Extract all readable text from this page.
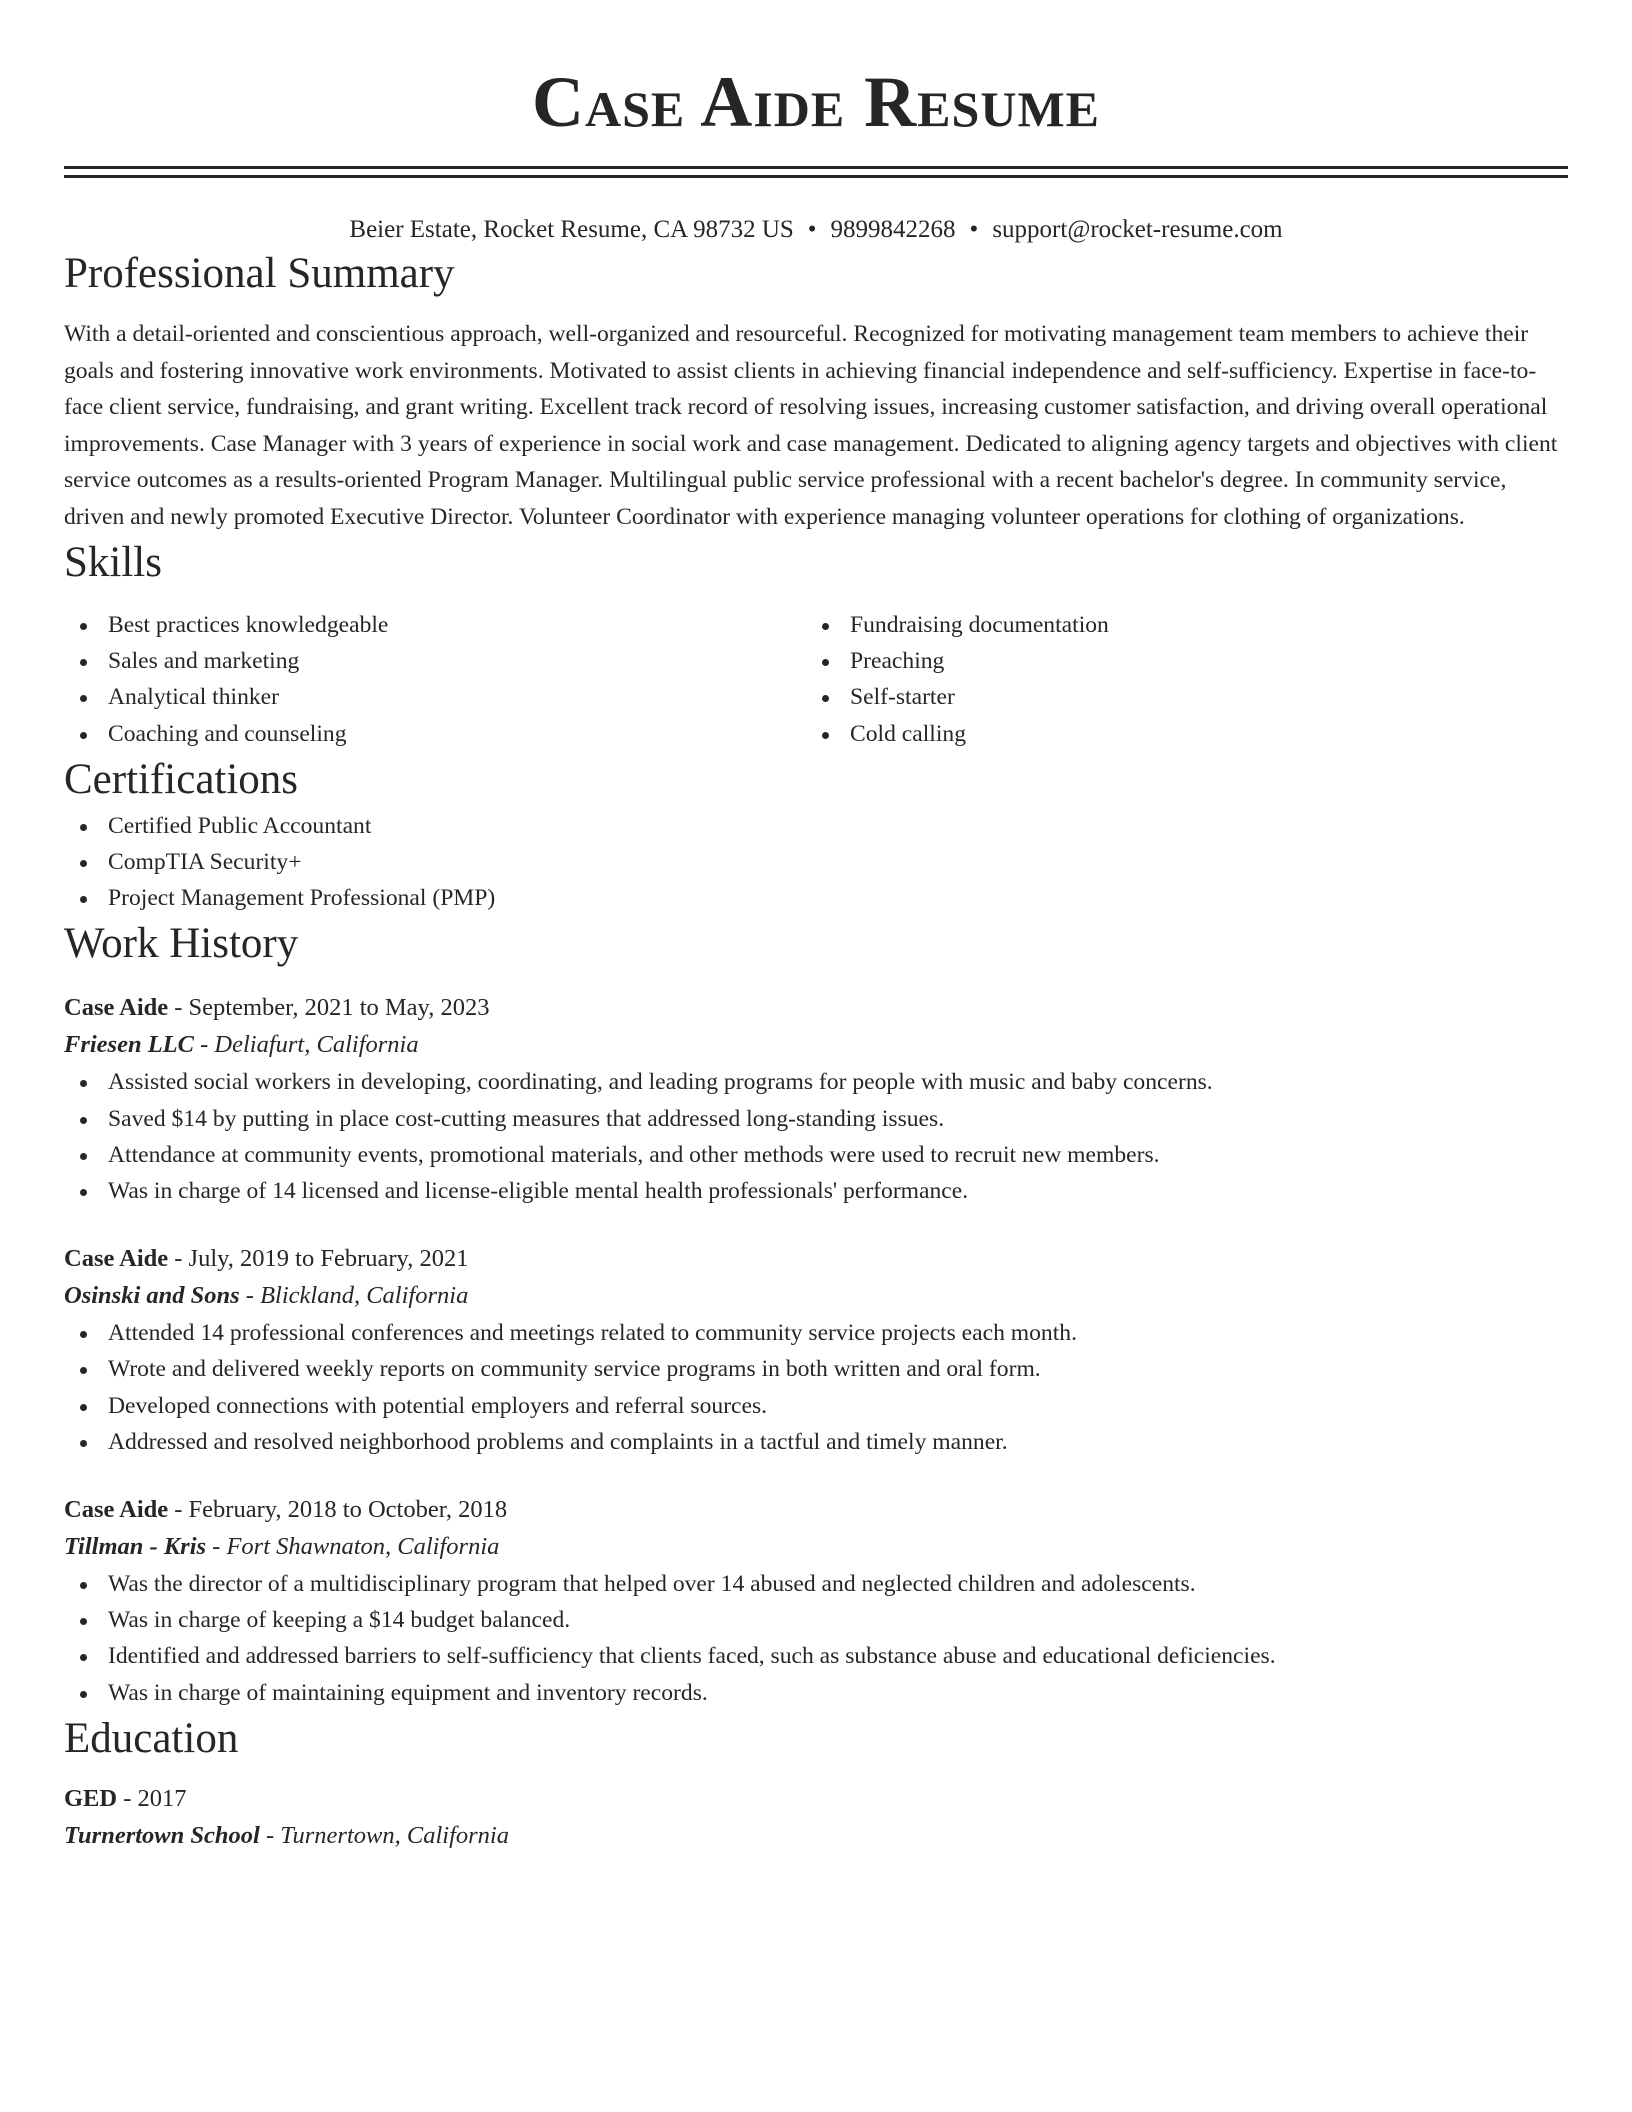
Case Aide Resume
Beier Estate, Rocket Resume, CA 98732 US • 9899842268 • support@rocket-resume.com
Professional Summary

With a detail-oriented and conscientious approach, well-organized and resourceful. Recognized for motivating management team members to achieve their goals and fostering innovative work environments. Motivated to assist clients in achieving financial independence and self-sufficiency. Expertise in face-to-face client service, fundraising, and grant writing. Excellent track record of resolving issues, increasing customer satisfaction, and driving overall operational improvements. Case Manager with 3 years of experience in social work and case management. Dedicated to aligning agency targets and objectives with client service outcomes as a results-oriented Program Manager. Multilingual public service professional with a recent bachelor's degree. In community service, driven and newly promoted Executive Director. Volunteer Coordinator with experience managing volunteer operations for clothing of organizations.

Skills
Best practices knowledgeable
Sales and marketing
Analytical thinker
Coaching and counseling
Fundraising documentation
Preaching
Self-starter
Cold calling
Certifications
Certified Public Accountant
CompTIA Security+
Project Management Professional (PMP)
Work History
Case Aide - September, 2021 to May, 2023
Friesen LLC - Deliafurt, California
Assisted social workers in developing, coordinating, and leading programs for people with music and baby concerns.
Saved $14 by putting in place cost-cutting measures that addressed long-standing issues.
Attendance at community events, promotional materials, and other methods were used to recruit new members.
Was in charge of 14 licensed and license-eligible mental health professionals' performance.
Case Aide - July, 2019 to February, 2021
Osinski and Sons - Blickland, California
Attended 14 professional conferences and meetings related to community service projects each month.
Wrote and delivered weekly reports on community service programs in both written and oral form.
Developed connections with potential employers and referral sources.
Addressed and resolved neighborhood problems and complaints in a tactful and timely manner.
Case Aide - February, 2018 to October, 2018
Tillman - Kris - Fort Shawnaton, California
Was the director of a multidisciplinary program that helped over 14 abused and neglected children and adolescents.
Was in charge of keeping a $14 budget balanced.
Identified and addressed barriers to self-sufficiency that clients faced, such as substance abuse and educational deficiencies.
Was in charge of maintaining equipment and inventory records.
Education
GED - 2017
Turnertown School - Turnertown, California
